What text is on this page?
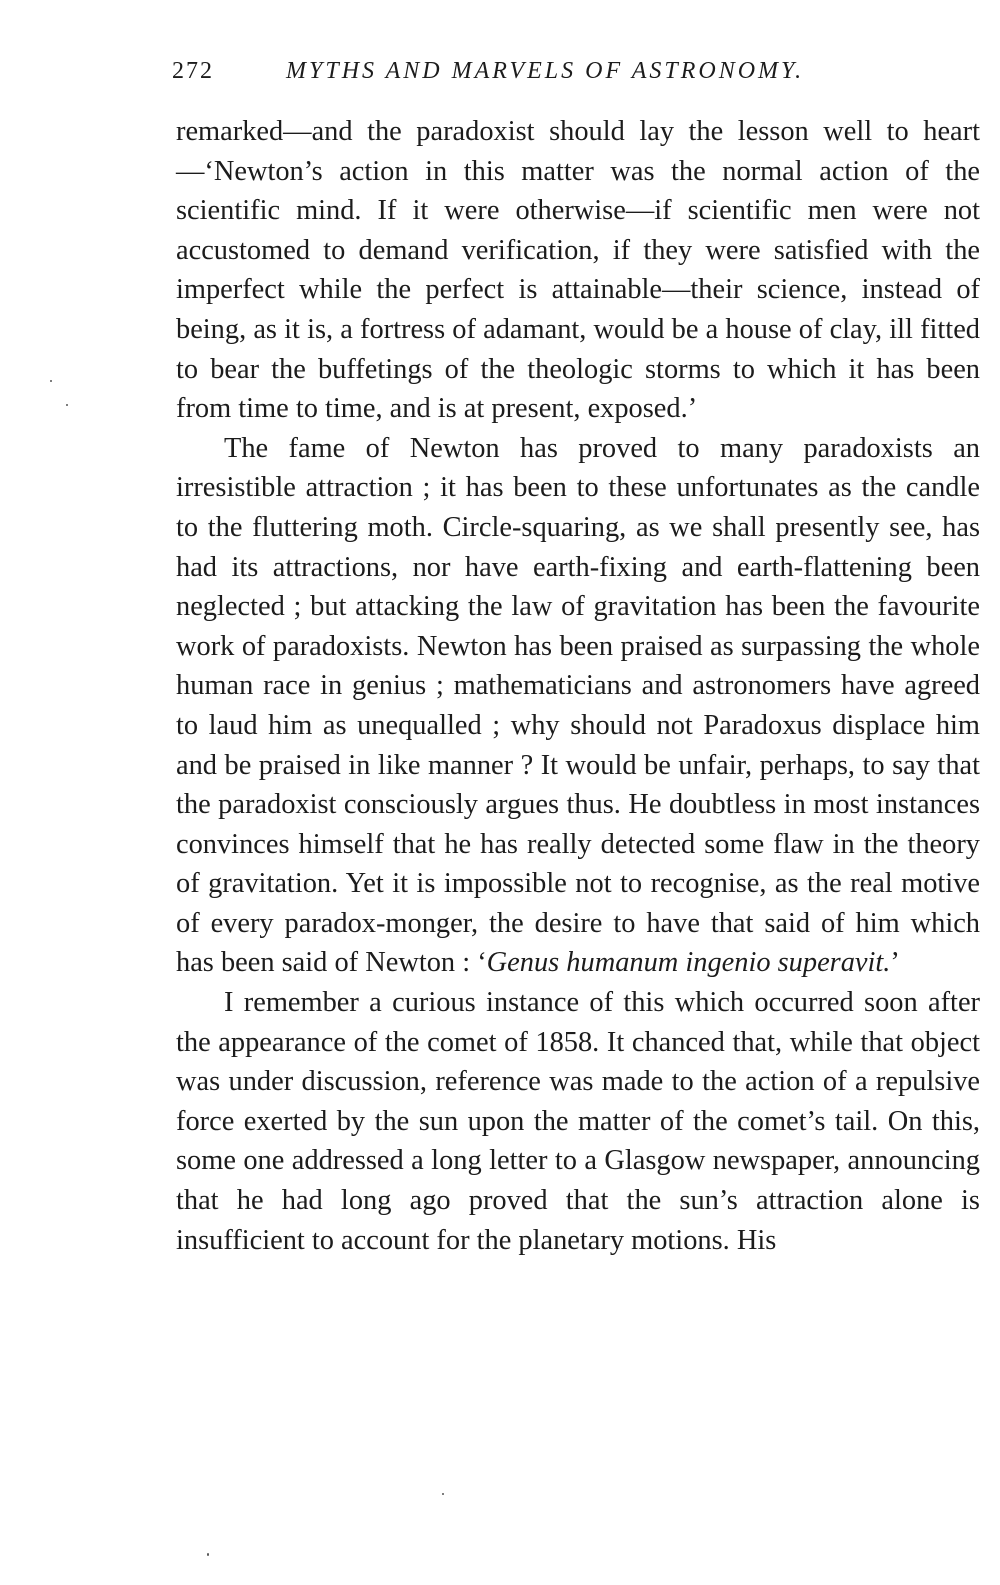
272	MYTHS AND MARVELS OF ASTRONOMY.

remarked—and the paradoxist should lay the lesson well to heart—‘Newton’s action in this matter was the normal action of the scientific mind. If it were otherwise—if scientific men were not accustomed to demand verification, if they were satisfied with the imperfect while the perfect is attainable—their science, instead of being, as it is, a fortress of adamant, would be a house of clay, ill fitted to bear the buffetings of the theologic storms to which it has been from time to time, and is at present, exposed.’

The fame of Newton has proved to many paradoxists an irresistible attraction ; it has been to these unfortunates as the candle to the fluttering moth. Circle-squaring, as we shall presently see, has had its attractions, nor have earth-fixing and earth-flattening been neglected ; but attacking the law of gravitation has been the favourite work of paradoxists. Newton has been praised as surpassing the whole human race in genius ; mathematicians and astronomers have agreed to laud him as unequalled ; why should not Paradoxus displace him and be praised in like manner ? It would be unfair, perhaps, to say that the paradoxist consciously argues thus. He doubtless in most instances convinces himself that he has really detected some flaw in the theory of gravitation. Yet it is impossible not to recognise, as the real motive of every paradox-monger, the desire to have that said of him which has been said of Newton : ‘Genus humanum ingenio superavit.’

I remember a curious instance of this which occurred soon after the appearance of the comet of 1858. It chanced that, while that object was under discussion, reference was made to the action of a repulsive force exerted by the sun upon the matter of the comet’s tail. On this, some one addressed a long letter to a Glasgow newspaper, announcing that he had long ago proved that the sun’s attraction alone is insufficient to account for the planetary motions. His
